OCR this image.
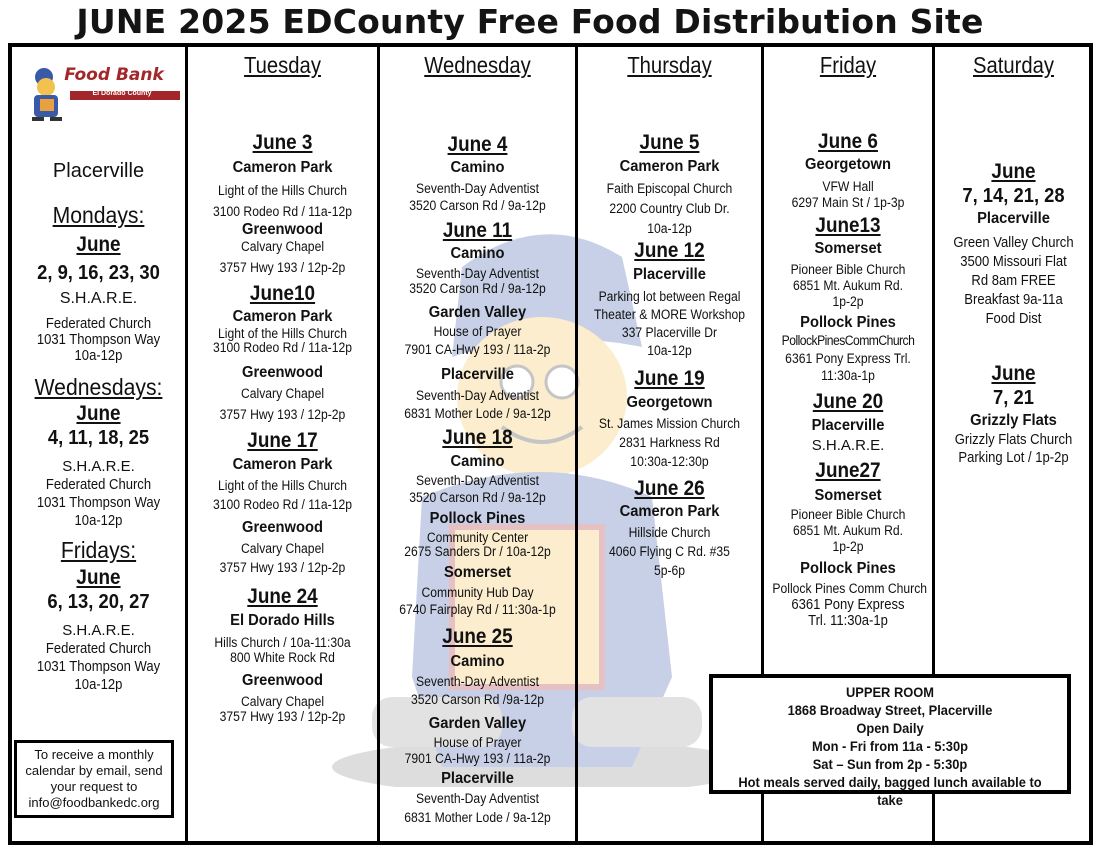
JUNE 2025 EDCounty Free Food Distribution Site
Food Bank
El Dorado County
Placerville
Mondays:
June
2, 9, 16, 23, 30
S.H.A.R.E.
Federated Church
1031 Thompson Way
10a-12p
Wednesdays:
June
4, 11, 18, 25
S.H.A.R.E.
Federated Church
1031 Thompson Way
10a-12p
Fridays:
June
6, 13, 20, 27
S.H.A.R.E.
Federated Church
1031 Thompson Way
10a-12p
To receive a monthly
calendar by email, send
your request to
info@foodbankedc.org
Tuesday
June 3
Cameron Park
Light of the Hills Church
3100 Rodeo Rd / 11a-12p
Greenwood
Calvary Chapel
3757 Hwy 193 / 12p-2p
June10
Cameron Park
Light of the Hills Church
3100 Rodeo Rd / 11a-12p
Greenwood
Calvary Chapel
3757 Hwy 193 / 12p-2p
June 17
Cameron Park
Light of the Hills Church
3100 Rodeo Rd / 11a-12p
Greenwood
Calvary Chapel
3757 Hwy 193 / 12p-2p
June 24
El Dorado Hills
Hills Church / 10a-11:30a
800 White Rock Rd
Greenwood
Calvary Chapel
3757 Hwy 193 / 12p-2p
Wednesday
June 4
Camino
Seventh-Day Adventist
3520 Carson Rd / 9a-12p
June 11
Camino
Seventh-Day Adventist
3520 Carson Rd / 9a-12p
Garden Valley
House of Prayer
7901 CA-Hwy 193 / 11a-2p
Placerville
Seventh-Day Adventist
6831 Mother Lode / 9a-12p
June 18
Camino
Seventh-Day Adventist
3520 Carson Rd / 9a-12p
Pollock Pines
Community Center
2675 Sanders Dr / 10a-12p
Somerset
Community Hub Day
6740 Fairplay Rd / 11:30a-1p
June 25
Camino
Seventh-Day Adventist
3520 Carson Rd /9a-12p
Garden Valley
House of Prayer
7901 CA-Hwy 193 / 11a-2p
Placerville
Seventh-Day Adventist
6831 Mother Lode / 9a-12p
Thursday
June 5
Cameron Park
Faith Episcopal Church
2200 Country Club Dr.
10a-12p
June 12
Placerville
Parking lot between Regal
Theater & MORE Workshop
337 Placerville Dr
10a-12p
June 19
Georgetown
St. James Mission Church
2831 Harkness Rd
10:30a-12:30p
June 26
Cameron Park
Hillside Church
4060 Flying C Rd. #35
5p-6p
Friday
June 6
Georgetown
VFW Hall
6297 Main St / 1p-3p
June13
Somerset
Pioneer Bible Church
6851 Mt. Aukum Rd.
1p-2p
Pollock Pines
PollockPinesCommChurch
6361 Pony Express Trl.
11:30a-1p
June 20
Placerville
S.H.A.R.E.
June27
Somerset
Pioneer Bible Church
6851 Mt. Aukum Rd.
1p-2p
Pollock Pines
Pollock Pines Comm Church
6361 Pony Express
Trl. 11:30a-1p
Saturday
June
7, 14, 21, 28
Placerville
Green Valley Church
3500 Missouri Flat
Rd 8am FREE
Breakfast 9a-11a
Food Dist
June
7, 21
Grizzly Flats
Grizzly Flats Church
Parking Lot / 1p-2p
UPPER ROOM
1868 Broadway Street, Placerville
Open Daily
Mon - Fri from 11a - 5:30p
Sat – Sun from 2p - 5:30p
Hot meals served daily, bagged lunch available to take
